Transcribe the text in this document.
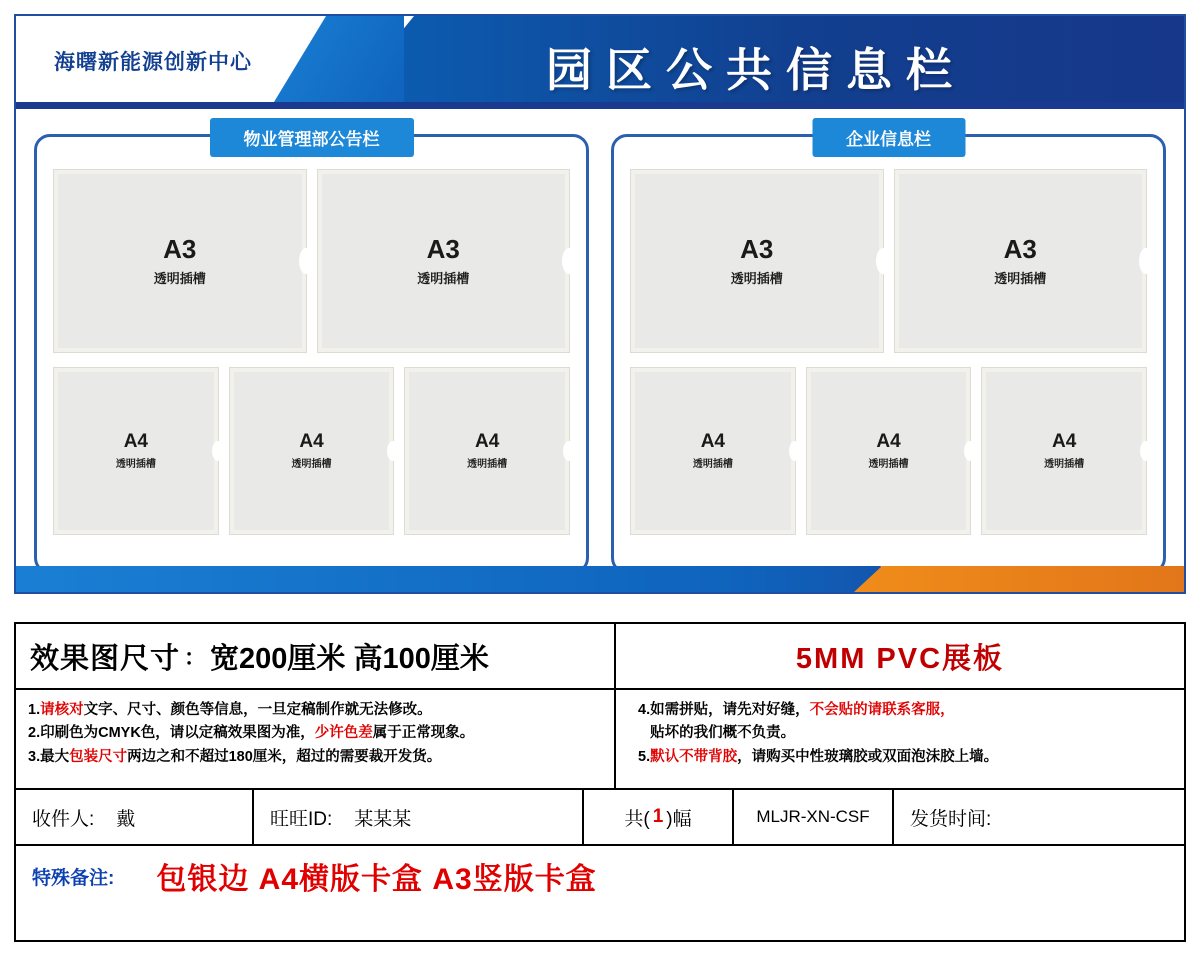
海曙新能源创新中心	园区公共信息栏
物业管理部公告栏
A3
透明插槽
A3
透明插槽
A4
透明插槽
A4
透明插槽
A4
透明插槽
企业信息栏
A3
透明插槽
A3
透明插槽
A4
透明插槽
A4
透明插槽
A4
透明插槽
效果图尺寸 ： 宽200厘米 高100厘米	5MM PVC展板
1.请核对文字、尺寸、颜色等信息，一旦定稿制作就无法修改。
2.印刷色为CMYK色，请以定稿效果图为准，少许色差属于正常现象。
3.最大包装尺寸两边之和不超过180厘米，超过的需要裁开发货。
4.如需拼贴，请先对好缝，不会贴的请联系客服，
贴坏的我们概不负责。
5.默认不带背胶，请购买中性玻璃胶或双面泡沫胶上墙。
收件人: 戴	旺旺ID: 某某某	共( 1 )幅	MLJR-XN-CSF	发货时间:
特殊备注: 包银边 A4横版卡盒 A3竖版卡盒
